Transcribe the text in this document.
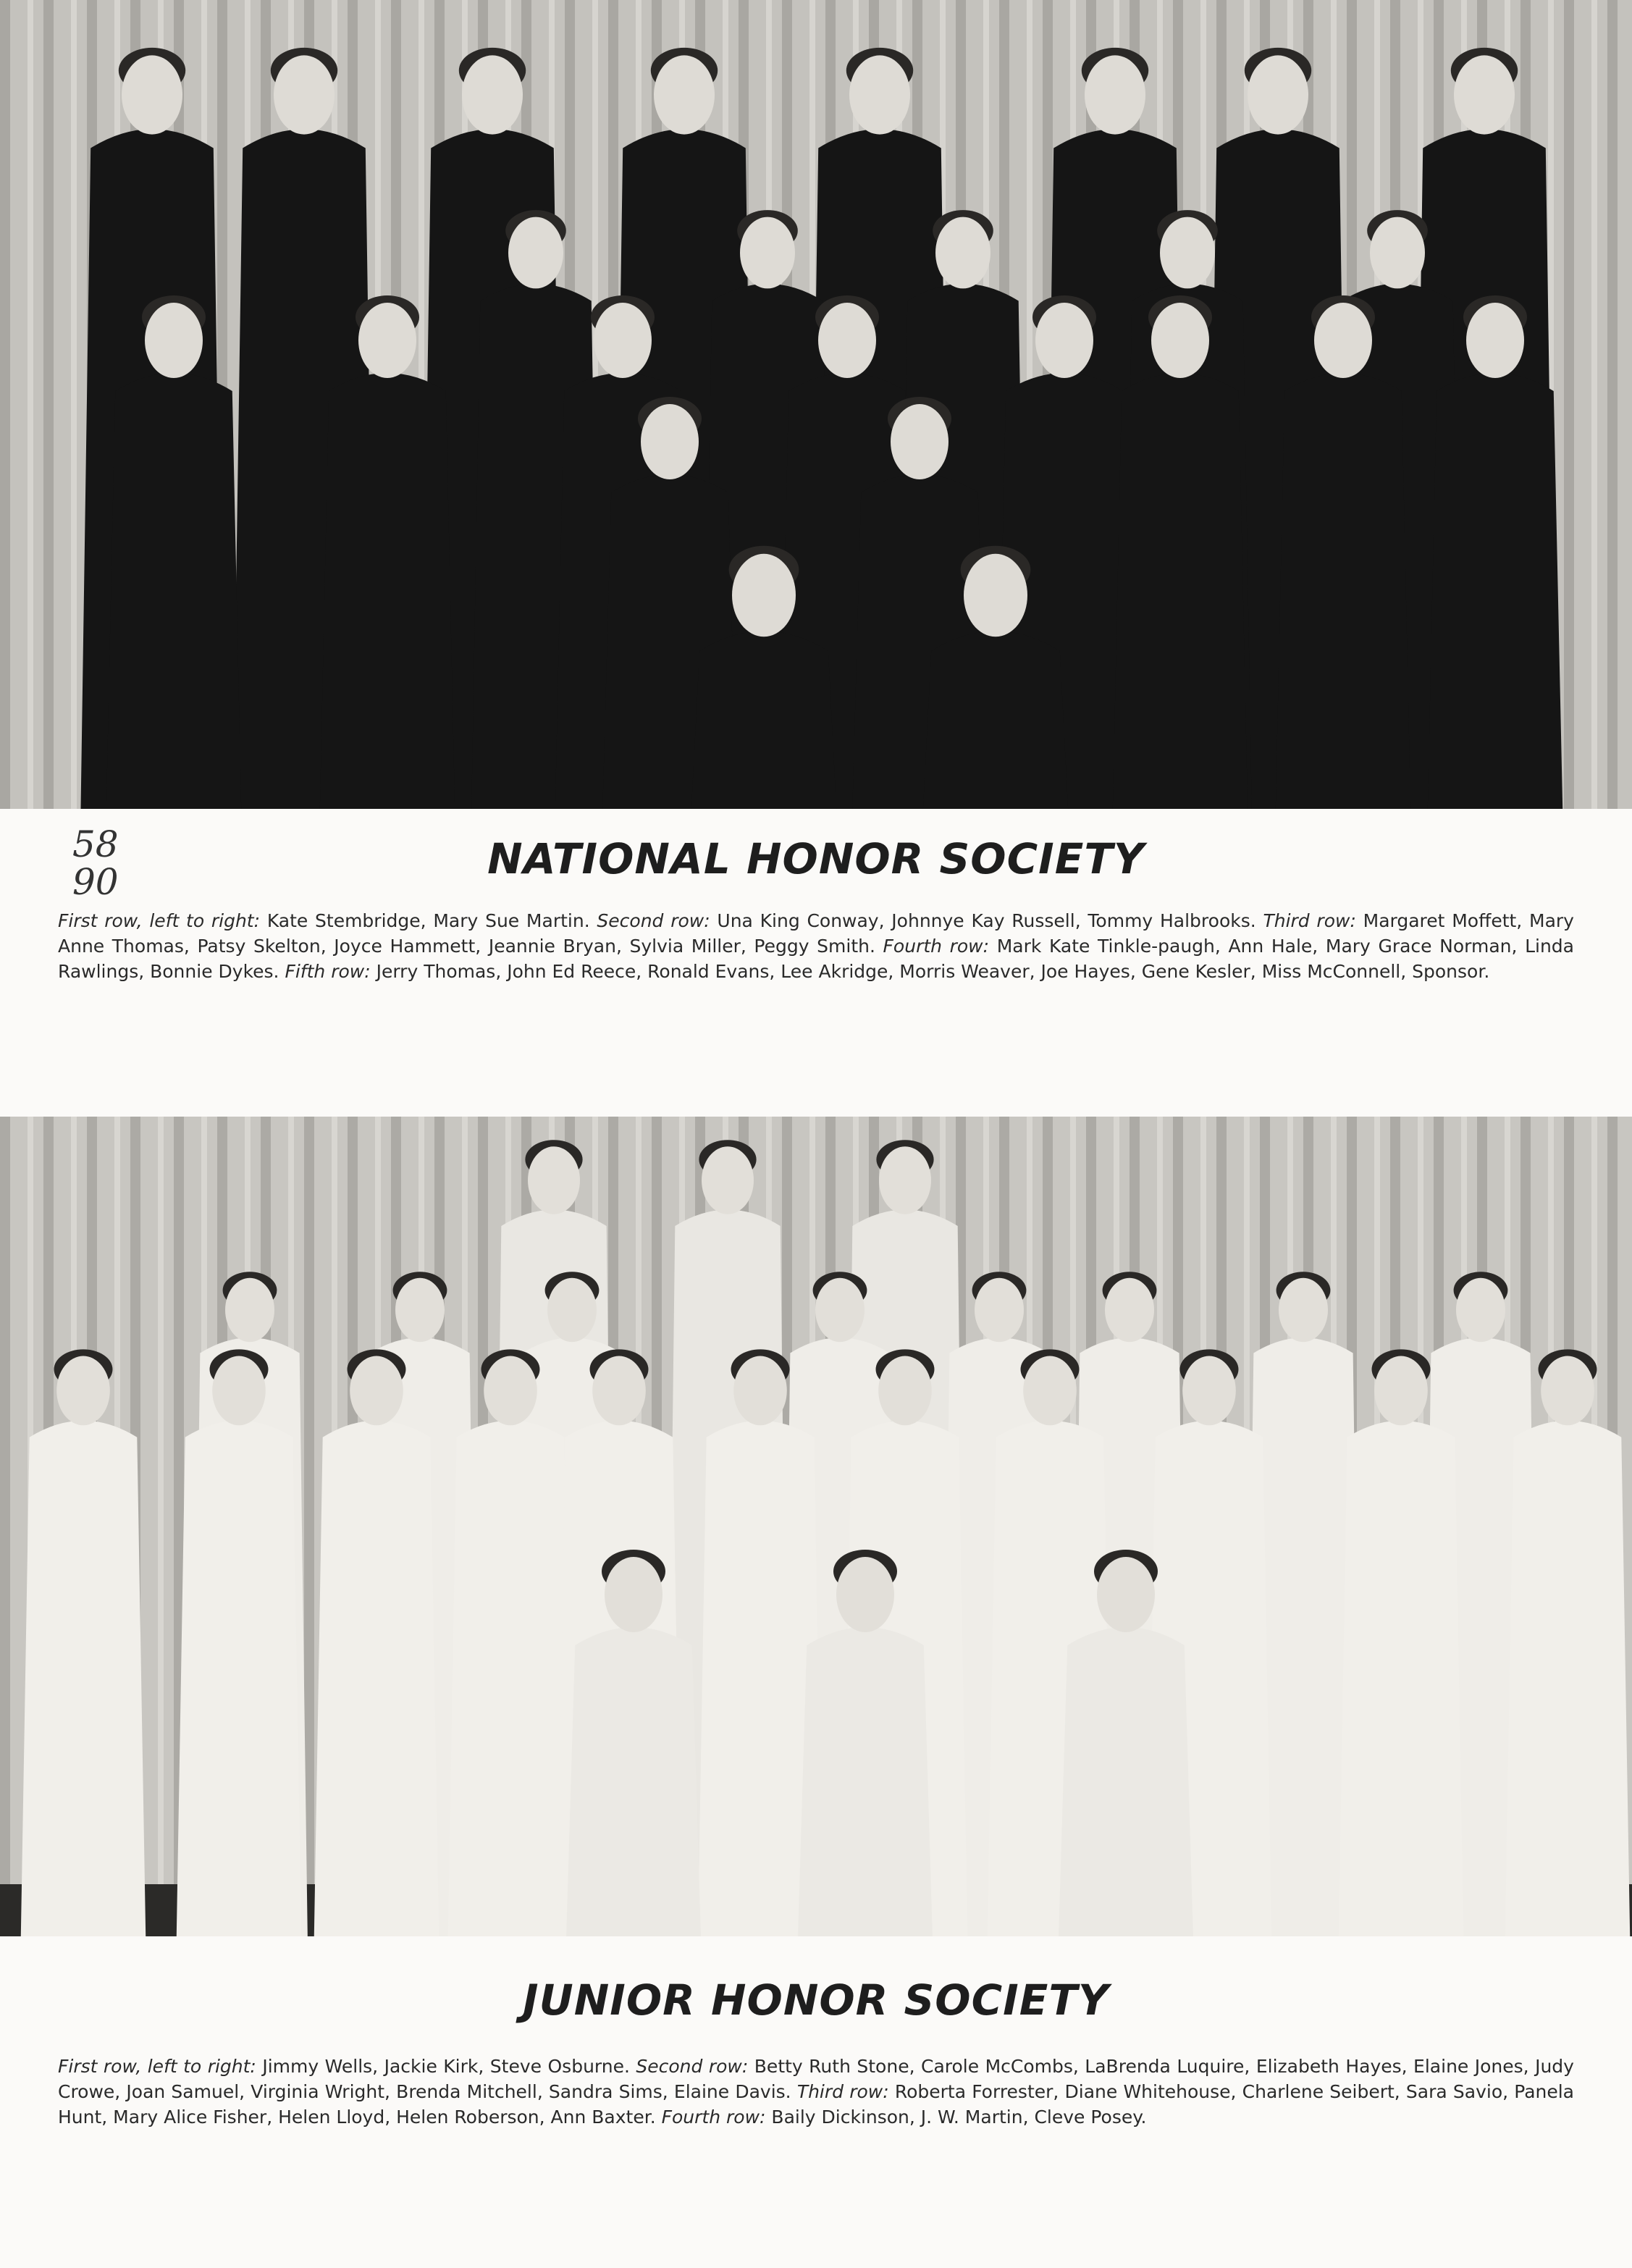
58
90	NATIONAL HONOR SOCIETY
First row, left to right: Kate Stembridge, Mary Sue Martin. Second row: Una King Conway, Johnnye Kay Russell, Tommy Halbrooks. Third row: Margaret Moffett, Mary Anne Thomas, Patsy Skelton, Joyce Hammett, Jeannie Bryan, Sylvia Miller, Peggy Smith. Fourth row: Mark Kate Tinkle-paugh, Ann Hale, Mary Grace Norman, Linda Rawlings, Bonnie Dykes. Fifth row: Jerry Thomas, John Ed Reece, Ronald Evans, Lee Akridge, Morris Weaver, Joe Hayes, Gene Kesler, Miss McConnell, Sponsor.
JUNIOR HONOR SOCIETY
First row, left to right: Jimmy Wells, Jackie Kirk, Steve Osburne. Second row: Betty Ruth Stone, Carole McCombs, LaBrenda Luquire, Elizabeth Hayes, Elaine Jones, Judy Crowe, Joan Samuel, Virginia Wright, Brenda Mitchell, Sandra Sims, Elaine Davis. Third row: Roberta Forrester, Diane Whitehouse, Charlene Seibert, Sara Savio, Panela Hunt, Mary Alice Fisher, Helen Lloyd, Helen Roberson, Ann Baxter. Fourth row: Baily Dickinson, J. W. Martin, Cleve Posey.
